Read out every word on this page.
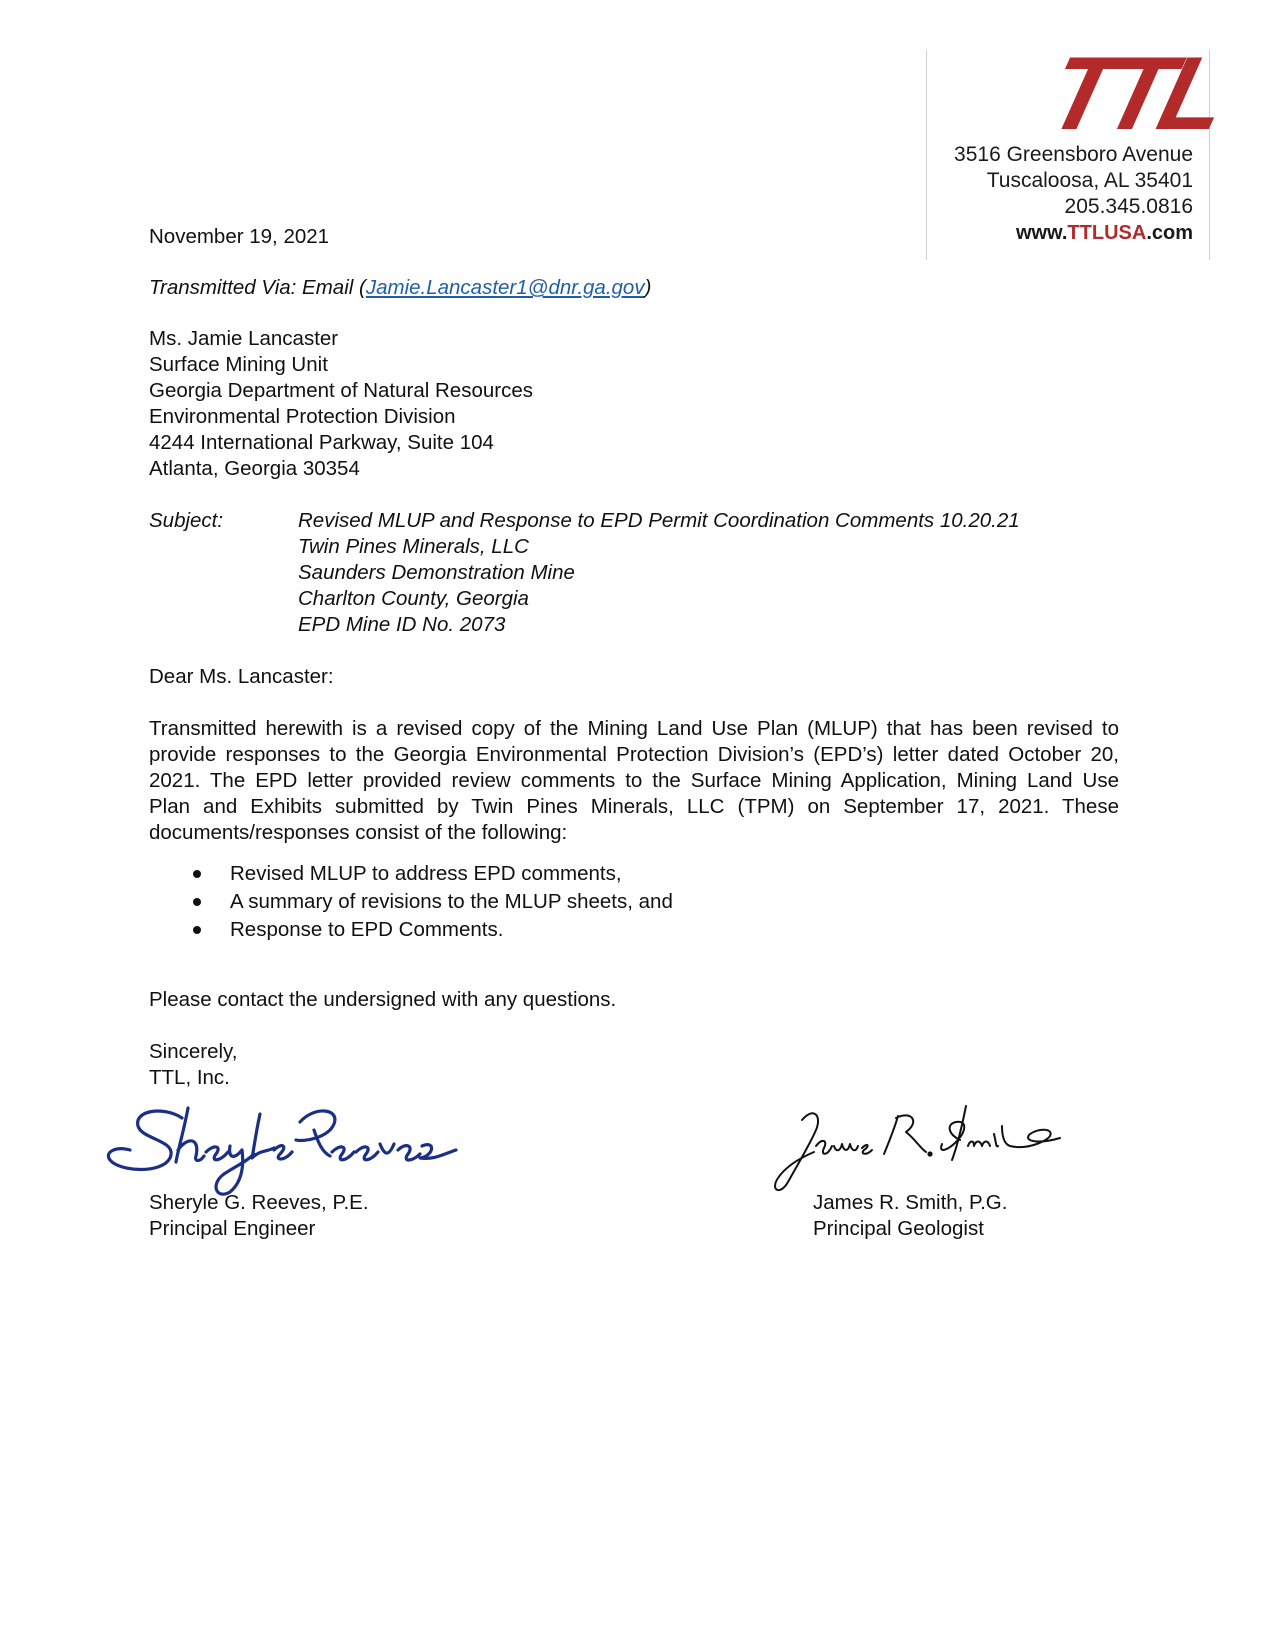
TTL
3516 Greensboro Avenue
Tuscaloosa, AL 35401
205.345.0816
www.TTLUSA.com
November 19, 2021
Transmitted Via: Email (Jamie.Lancaster1@dnr.ga.gov)
Ms. Jamie Lancaster
Surface Mining Unit
Georgia Department of Natural Resources
Environmental Protection Division
4244 International Parkway, Suite 104
Atlanta, Georgia 30354
Subject:	Revised MLUP and Response to EPD Permit Coordination Comments 10.20.21
Twin Pines Minerals, LLC
Saunders Demonstration Mine
Charlton County, Georgia
EPD Mine ID No. 2073
Dear Ms. Lancaster:
Transmitted herewith is a revised copy of the Mining Land Use Plan (MLUP) that has been revised to
provide responses to the Georgia Environmental Protection Division’s (EPD’s) letter dated October 20,
2021. The EPD letter provided review comments to the Surface Mining Application, Mining Land Use
Plan and Exhibits submitted by Twin Pines Minerals, LLC (TPM) on September 17, 2021. These
documents/responses consist of the following:
Revised MLUP to address EPD comments,
A summary of revisions to the MLUP sheets, and
Response to EPD Comments.
Please contact the undersigned with any questions.
Sincerely,
TTL, Inc.
Sheryle G. Reeves, P.E.
Principal Engineer
James R. Smith, P.G.
Principal Geologist
